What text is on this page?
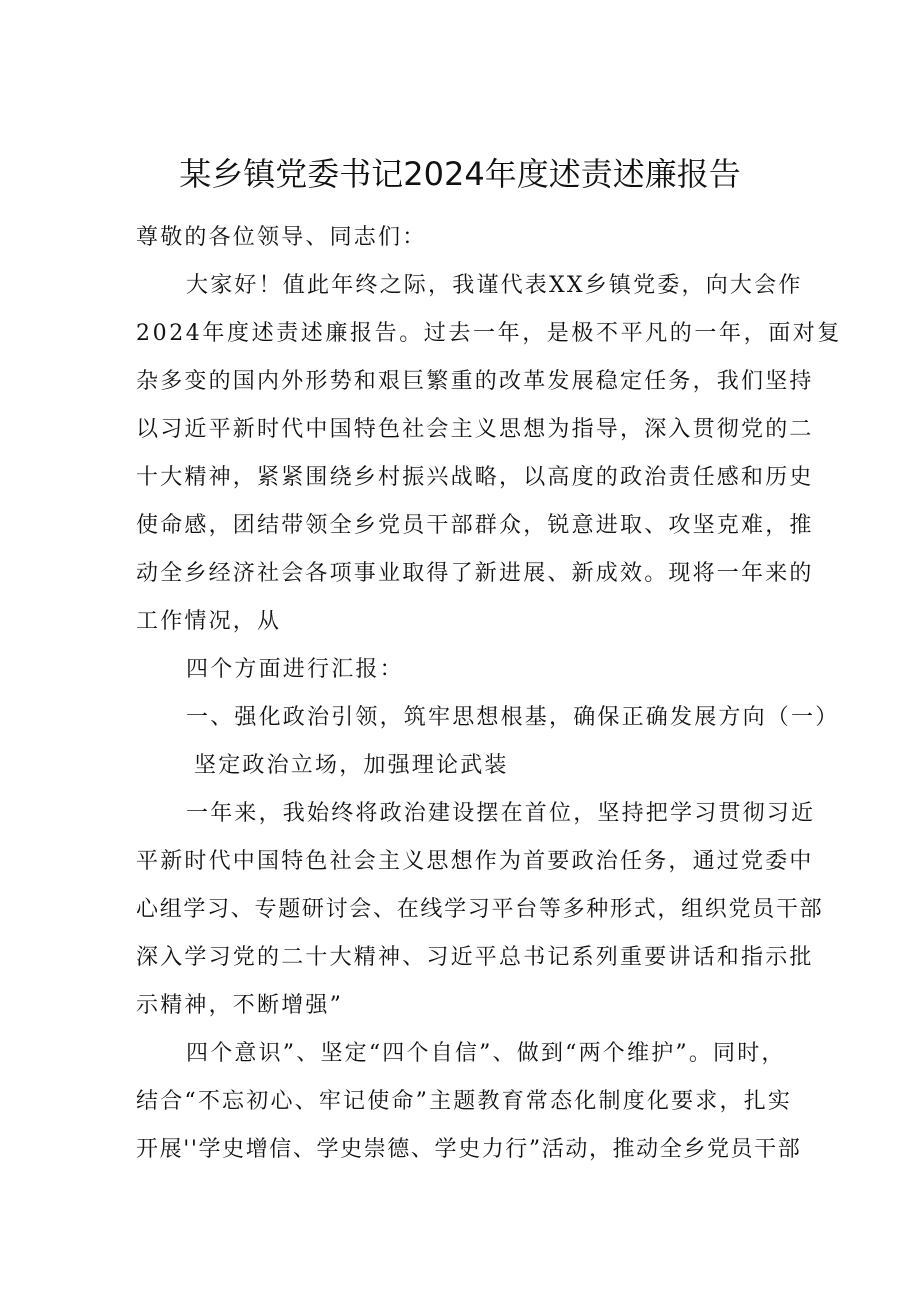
某乡镇党委书记2024年度述责述廉报告
尊敬的各位领导、同志们：
大家好！值此年终之际，我谨代表XX乡镇党委，向大会作
2024年度述责述廉报告。过去一年，是极不平凡的一年，面对复
杂多变的国内外形势和艰巨繁重的改革发展稳定任务，我们坚持
以习近平新时代中国特色社会主义思想为指导，深入贯彻党的二
十大精神，紧紧围绕乡村振兴战略，以高度的政治责任感和历史
使命感，团结带领全乡党员干部群众，锐意进取、攻坚克难，推
动全乡经济社会各项事业取得了新进展、新成效。现将一年来的
工作情况，从
四个方面进行汇报：
一、强化政治引领，筑牢思想根基，确保正确发展方向（一）
坚定政治立场，加强理论武装
一年来，我始终将政治建设摆在首位，坚持把学习贯彻习近
平新时代中国特色社会主义思想作为首要政治任务，通过党委中
心组学习、专题研讨会、在线学习平台等多种形式，组织党员干部
深入学习党的二十大精神、习近平总书记系列重要讲话和指示批
示精神，不断增强”
四个意识”、坚定“四个自信”、做到“两个维护”。同时，
结合“不忘初心、牢记使命”主题教育常态化制度化要求，扎实
开展''学史增信、学史崇德、学史力行”活动，推动全乡党员干部
